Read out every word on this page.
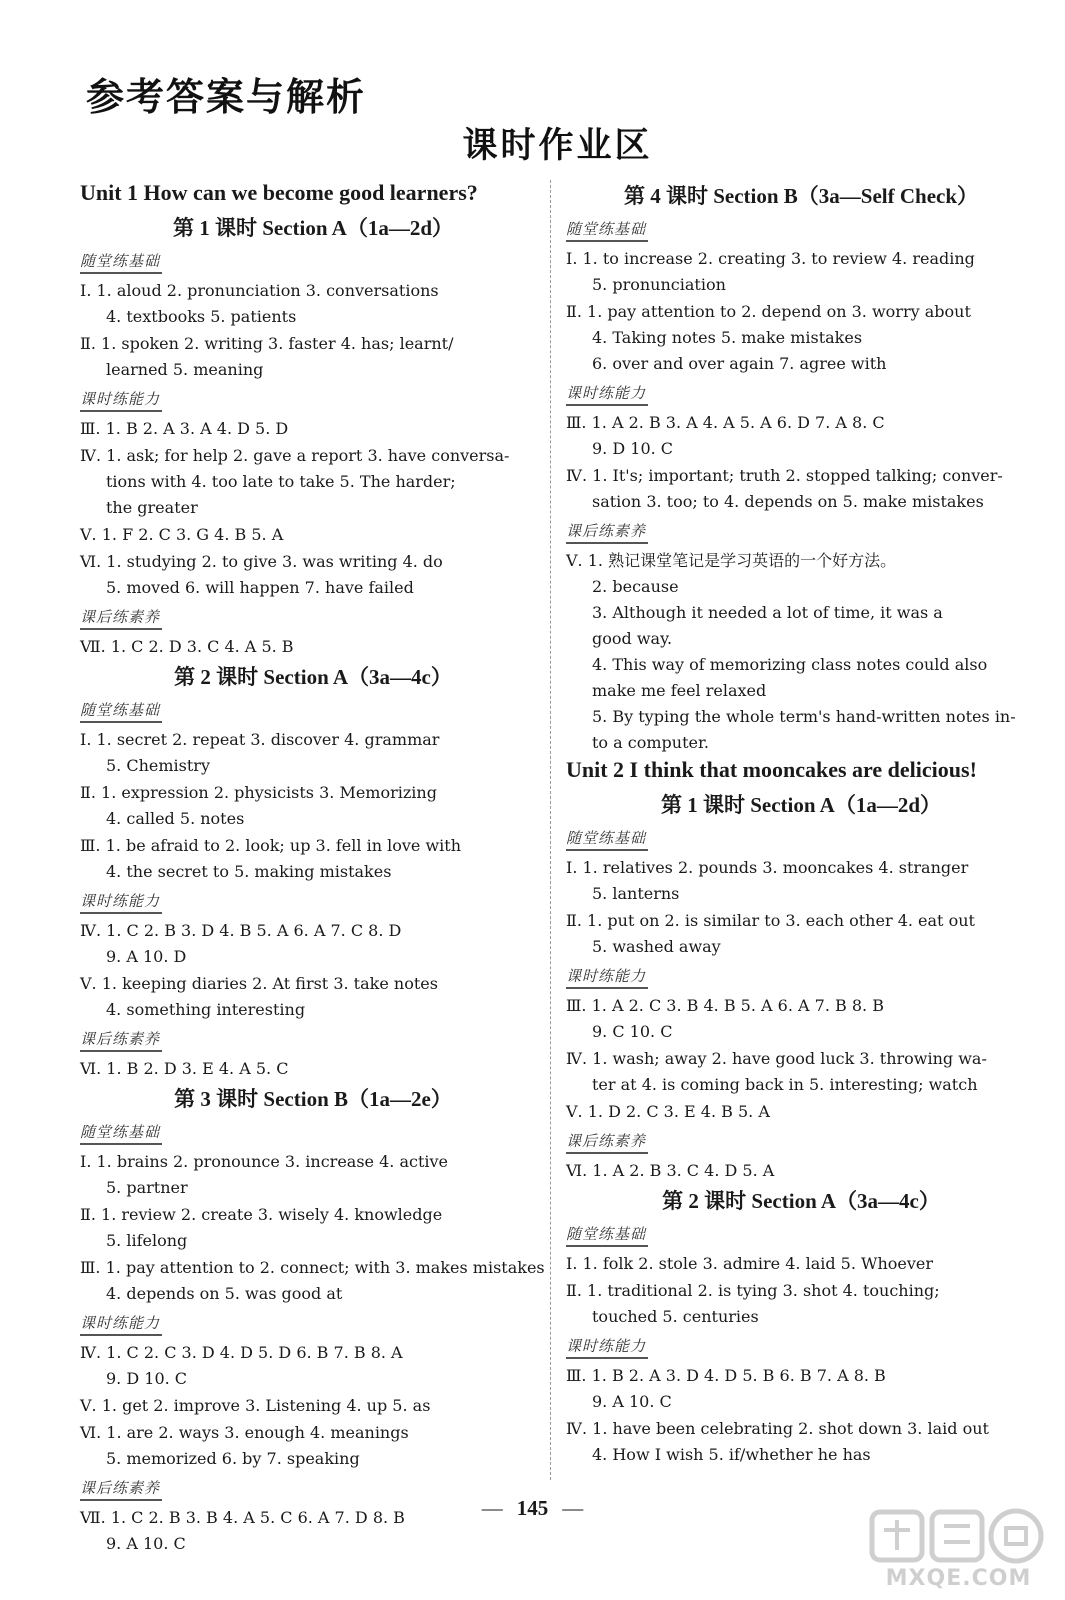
参考答案与解析
课时作业区
Unit 1 How can we become good learners?
第 1 课时 Section A（1a—2d）
随堂练基础
Ⅰ. 1. aloud 2. pronunciation 3. conversations
4. textbooks 5. patients
Ⅱ. 1. spoken 2. writing 3. faster 4. has; learnt/
learned 5. meaning
课时练能力
Ⅲ. 1. B 2. A 3. A 4. D 5. D
Ⅳ. 1. ask; for help 2. gave a report 3. have conversa-
tions with 4. too late to take 5. The harder;
the greater
Ⅴ. 1. F 2. C 3. G 4. B 5. A
Ⅵ. 1. studying 2. to give 3. was writing 4. do
5. moved 6. will happen 7. have failed
课后练素养
Ⅶ. 1. C 2. D 3. C 4. A 5. B
第 2 课时 Section A（3a—4c）
随堂练基础
Ⅰ. 1. secret 2. repeat 3. discover 4. grammar
5. Chemistry
Ⅱ. 1. expression 2. physicists 3. Memorizing
4. called 5. notes
Ⅲ. 1. be afraid to 2. look; up 3. fell in love with
4. the secret to 5. making mistakes
课时练能力
Ⅳ. 1. C 2. B 3. D 4. B 5. A 6. A 7. C 8. D
9. A 10. D
Ⅴ. 1. keeping diaries 2. At first 3. take notes
4. something interesting
课后练素养
Ⅵ. 1. B 2. D 3. E 4. A 5. C
第 3 课时 Section B（1a—2e）
随堂练基础
Ⅰ. 1. brains 2. pronounce 3. increase 4. active
5. partner
Ⅱ. 1. review 2. create 3. wisely 4. knowledge
5. lifelong
Ⅲ. 1. pay attention to 2. connect; with 3. makes mistakes
4. depends on 5. was good at
课时练能力
Ⅳ. 1. C 2. C 3. D 4. D 5. D 6. B 7. B 8. A
9. D 10. C
Ⅴ. 1. get 2. improve 3. Listening 4. up 5. as
Ⅵ. 1. are 2. ways 3. enough 4. meanings
5. memorized 6. by 7. speaking
课后练素养
Ⅶ. 1. C 2. B 3. B 4. A 5. C 6. A 7. D 8. B
9. A 10. C
第 4 课时 Section B（3a—Self Check）
随堂练基础
Ⅰ. 1. to increase 2. creating 3. to review 4. reading
5. pronunciation
Ⅱ. 1. pay attention to 2. depend on 3. worry about
4. Taking notes 5. make mistakes
6. over and over again 7. agree with
课时练能力
Ⅲ. 1. A 2. B 3. A 4. A 5. A 6. D 7. A 8. C
9. D 10. C
Ⅳ. 1. It's; important; truth 2. stopped talking; conver-
sation 3. too; to 4. depends on 5. make mistakes
课后练素养
Ⅴ. 1. 熟记课堂笔记是学习英语的一个好方法。
2. because
3. Although it needed a lot of time, it was a
good way.
4. This way of memorizing class notes could also
make me feel relaxed
5. By typing the whole term's hand-written notes in-
to a computer.
Unit 2 I think that mooncakes are delicious!
第 1 课时 Section A（1a—2d）
随堂练基础
Ⅰ. 1. relatives 2. pounds 3. mooncakes 4. stranger
5. lanterns
Ⅱ. 1. put on 2. is similar to 3. each other 4. eat out
5. washed away
课时练能力
Ⅲ. 1. A 2. C 3. B 4. B 5. A 6. A 7. B 8. B
9. C 10. C
Ⅳ. 1. wash; away 2. have good luck 3. throwing wa-
ter at 4. is coming back in 5. interesting; watch
Ⅴ. 1. D 2. C 3. E 4. B 5. A
课后练素养
Ⅵ. 1. A 2. B 3. C 4. D 5. A
第 2 课时 Section A（3a—4c）
随堂练基础
Ⅰ. 1. folk 2. stole 3. admire 4. laid 5. Whoever
Ⅱ. 1. traditional 2. is tying 3. shot 4. touching;
touched 5. centuries
课时练能力
Ⅲ. 1. B 2. A 3. D 4. D 5. B 6. B 7. A 8. B
9. A 10. C
Ⅳ. 1. have been celebrating 2. shot down 3. laid out
4. How I wish 5. if/whether he has
— 145 —
MXQE.COM
